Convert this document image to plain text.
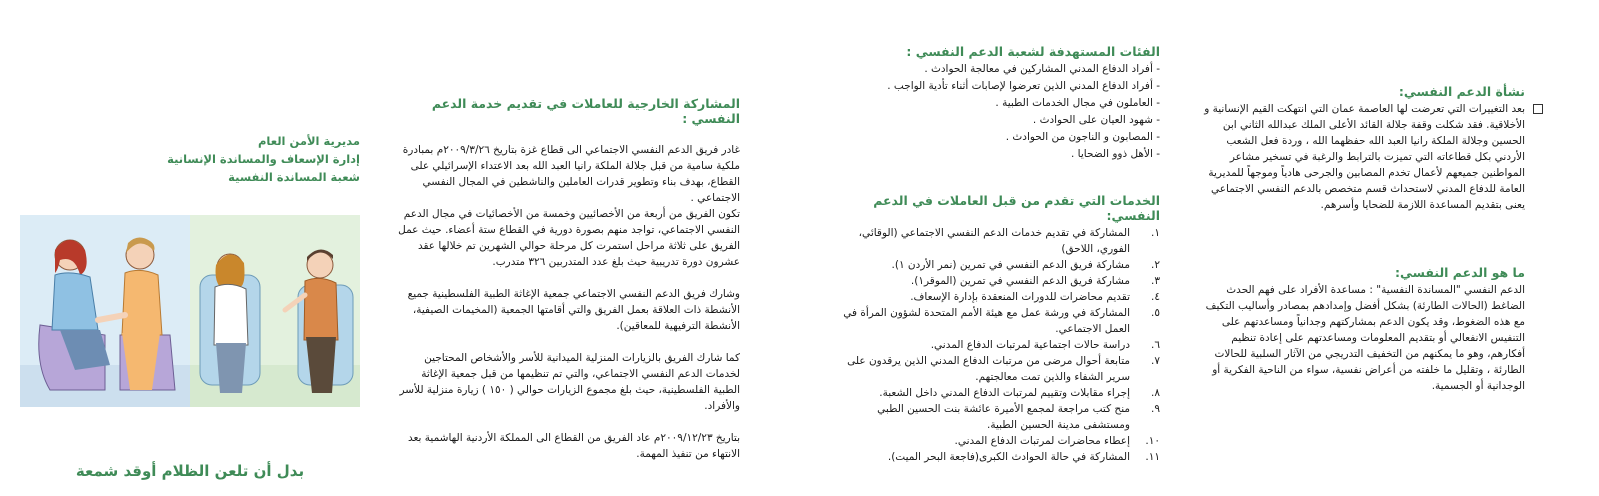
نشأة الدعم النفسي:

بعد التغييرات التي تعرضت لها العاصمة عمان التي انتهكت القيم الإنسانية و الأخلاقية. فقد شكلت وقفة جلالة القائد الأعلى الملك عبدالله الثاني ابن الحسين وجلالة الملكة رانيا العبد الله حفظهما الله ، وردة فعل الشعب الأردني بكل قطاعاته التي تميزت بالترابط والرغبة في تسخير مشاعر المواطنين جميعهم لأعمال تخدم المصابين والجرحى هادياً وموجهاً للمديرية العامة للدفاع المدني لاستحداث قسم متخصص بالدعم النفسي الاجتماعي يعنى بتقديم المساعدة اللازمة للضحايا وأسرهم.

ما هو الدعم النفسي:

الدعم النفسي "المساندة النفسية" : مساعدة الأفراد على فهم الحدث الضاغط (الحالات الطارئة) بشكل أفضل وإمدادهم بمصادر وأساليب التكيف مع هذه الضغوط، وقد يكون الدعم بمشاركتهم وجدانياً ومساعدتهم على التنفيس الانفعالي أو بتقديم المعلومات ومساعدتهم على إعادة تنظيم أفكارهم، وهو ما يمكنهم من التخفيف التدريجي من الآثار السلبية للحالات الطارئة ، وتقليل ما خلفته من أعراض نفسية، سواء من الناحية الفكرية أو الوجدانية أو الجسمية.

الفئات المستهدفة لشعبة الدعم النفسي :

- أفراد الدفاع المدني المشاركين في معالجة الحوادث .
- أفراد الدفاع المدني الذين تعرضوا لإصابات أثناء تأدية الواجب .
- العاملون في مجال الخدمات الطبية .
- شهود العيان على الحوادث .
- المصابون و الناجون من الحوادث .
- الأهل ذوو الضحايا .

الخدمات التي تقدم من قبل العاملات في الدعم النفسي:

١.
المشاركة في تقديم خدمات الدعم النفسي الاجتماعي (الوقائي، الفوري، اللاحق)
٢.
مشاركة فريق الدعم النفسي في تمرين (نمر الأردن ١).
٣.
مشاركة فريق الدعم النفسي في تمرين (الموقر١).
٤.
تقديم محاضرات للدورات المنعقدة بإدارة الإسعاف.
٥.
المشاركة في ورشة عمل مع هيئة الأمم المتحدة لشؤون المرأة في العمل الاجتماعي.
٦.
دراسة حالات اجتماعية لمرتبات الدفاع المدني.
٧.
متابعة أحوال مرضى من مرتبات الدفاع المدني الذين يرقدون على سرير الشفاء والذين تمت معالجتهم.
٨.
إجراء مقابلات وتقييم لمرتبات الدفاع المدني داخل الشعبة.
٩.
منح كتب مراجعة لمجمع الأميرة عائشة بنت الحسين الطبي ومستشفى مدينة الحسين الطبية.
١٠.
إعطاء محاضرات لمرتبات الدفاع المدني.
١١.
المشاركة في حالة الحوادث الكبرى(فاجعة البحر الميت).

المشاركة الخارجية للعاملات في تقديم خدمة الدعم النفسي :

غادر فريق الدعم النفسي الاجتماعي الى قطاع غزة بتاريخ ٢٠٠٩/٣/٢٦م بمبادرة ملكية سامية من قبل جلالة الملكة رانيا العبد الله بعد الاعتداء الإسرائيلي على القطاع، بهدف بناء وتطوير قدرات العاملين والناشطين في المجال النفسي الاجتماعي .

تكون الفريق من أربعة من الأخصائيين وخمسة من الأخصائيات في مجال الدعم النفسي الاجتماعي، تواجد منهم بصورة دورية في القطاع ستة أعضاء. حيث عمل الفريق على ثلاثة مراحل استمرت كل مرحلة حوالي الشهرين تم خلالها عقد عشرون دورة تدريبية حيث بلغ عدد المتدربين ٣٢٦ متدرب.

وشارك فريق الدعم النفسي الاجتماعي جمعية الإغاثة الطبية الفلسطينية جميع الأنشطة ذات العلاقة بعمل الفريق والتي أقامتها الجمعية (المخيمات الصيفية، الأنشطة الترفيهية للمعاقين).

كما شارك الفريق بالزيارات المنزلية الميدانية للأسر والأشخاص المحتاجين لخدمات الدعم النفسي الاجتماعي، والتي تم تنظيمها من قبل جمعية الإغاثة الطبية الفلسطينية، حيث بلغ مجموع الزيارات حوالي ( ١٥٠ ) زيارة منزلية للأسر والأفراد.

بتاريخ ٢٠٠٩/١٢/٢٣م عاد الفريق من القطاع الى المملكة الأردنية الهاشمية بعد الانتهاء من تنفيذ المهمة.

مديرية الأمن العام

إدارة الإسعاف والمساندة الإنسانية

شعبة المساندة النفسية

بدل أن تلعن الظلام أوقد شمعة
